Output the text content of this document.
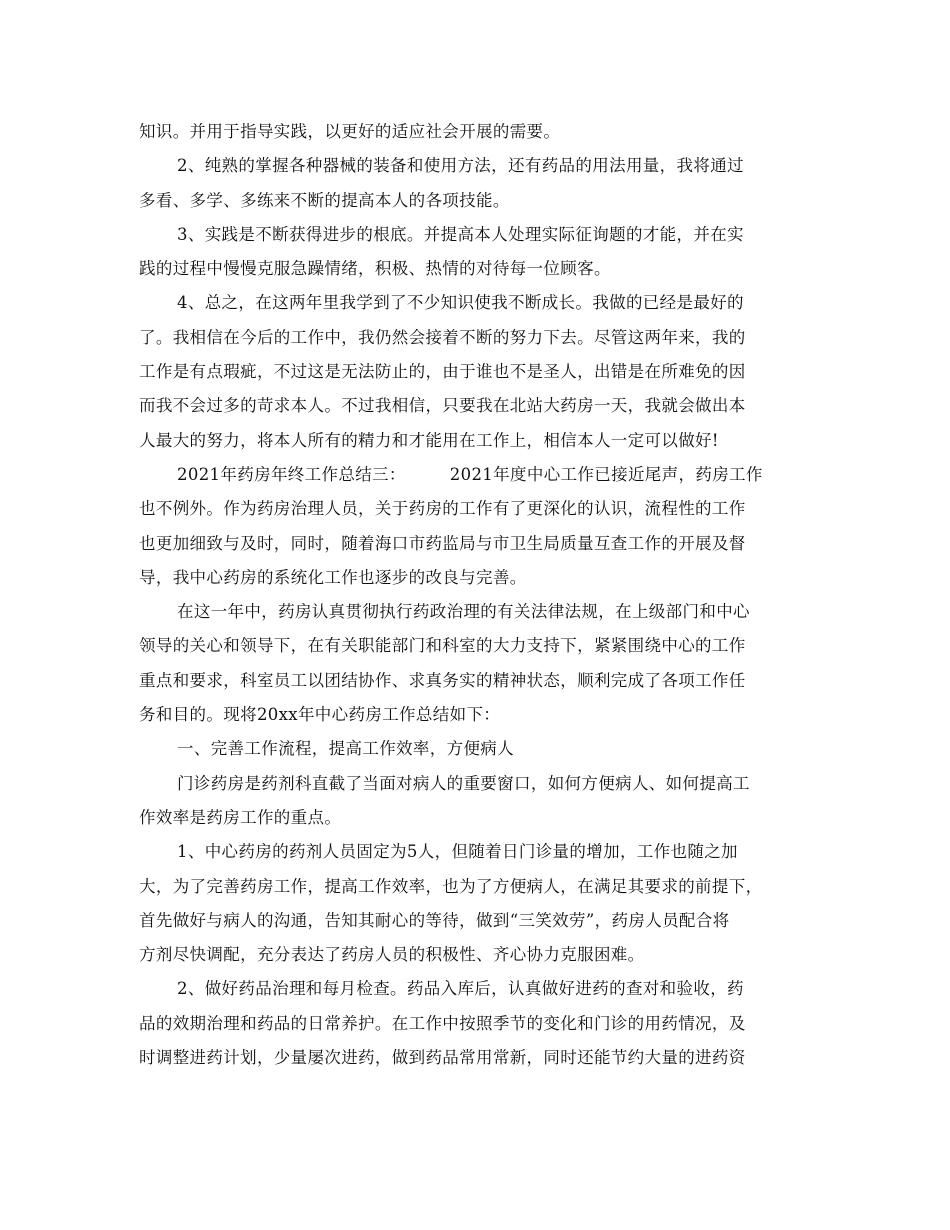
知识。并用于指导实践，以更好的适应社会开展的需要。
2、纯熟的掌握各种器械的装备和使用方法，还有药品的用法用量，我将通过
多看、多学、多练来不断的提高本人的各项技能。
3、实践是不断获得进步的根底。并提高本人处理实际征询题的才能，并在实
践的过程中慢慢克服急躁情绪，积极、热情的对待每一位顾客。
4、总之，在这两年里我学到了不少知识使我不断成长。我做的已经是最好的
了。我相信在今后的工作中，我仍然会接着不断的努力下去。尽管这两年来，我的
工作是有点瑕疵，不过这是无法防止的，由于谁也不是圣人，出错是在所难免的因
而我不会过多的苛求本人。不过我相信，只要我在北站大药房一天，我就会做出本
人最大的努力，将本人所有的精力和才能用在工作上，相信本人一定可以做好!
2021年药房年终工作总结三：	2021年度中心工作已接近尾声，药房工作
也不例外。作为药房治理人员，关于药房的工作有了更深化的认识，流程性的工作
也更加细致与及时，同时，随着海口市药监局与市卫生局质量互查工作的开展及督
导，我中心药房的系统化工作也逐步的改良与完善。
在这一年中，药房认真贯彻执行药政治理的有关法律法规，在上级部门和中心
领导的关心和领导下，在有关职能部门和科室的大力支持下，紧紧围绕中心的工作
重点和要求，科室员工以团结协作、求真务实的精神状态，顺利完成了各项工作任
务和目的。现将20xx年中心药房工作总结如下：
一、完善工作流程，提高工作效率，方便病人
门诊药房是药剂科直截了当面对病人的重要窗口，如何方便病人、如何提高工
作效率是药房工作的重点。
1、中心药房的药剂人员固定为5人，但随着日门诊量的增加，工作也随之加
大，为了完善药房工作，提高工作效率，也为了方便病人，在满足其要求的前提下，
首先做好与病人的沟通，告知其耐心的等待，做到“三笑效劳”，药房人员配合将
方剂尽快调配，充分表达了药房人员的积极性、齐心协力克服困难。
2、做好药品治理和每月检查。药品入库后，认真做好进药的查对和验收，药
品的效期治理和药品的日常养护。在工作中按照季节的变化和门诊的用药情况，及
时调整进药计划，少量屡次进药，做到药品常用常新，同时还能节约大量的进药资
